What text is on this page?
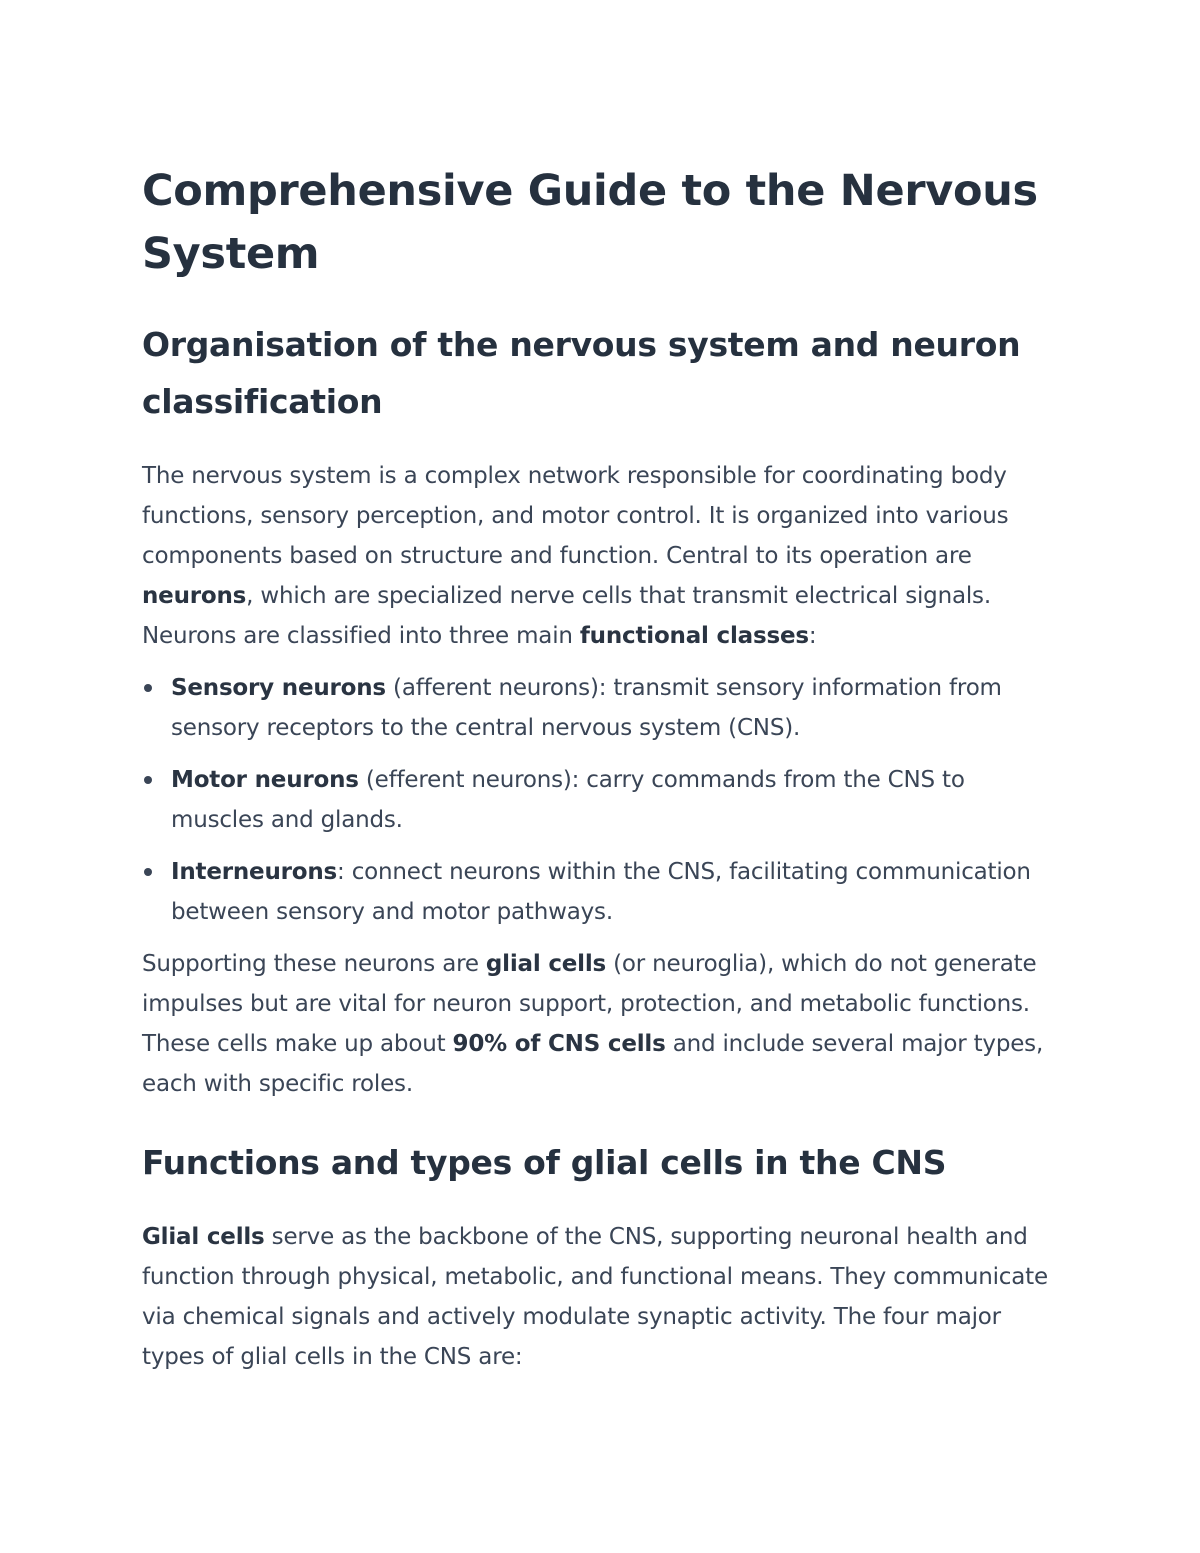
Comprehensive Guide to the Nervous System
Organisation of the nervous system and neuron classification

The nervous system is a complex network responsible for coordinating body functions, sensory perception, and motor control. It is organized into various components based on structure and function. Central to its operation are neurons, which are specialized nerve cells that transmit electrical signals. Neurons are classified into three main functional classes:

Sensory neurons (afferent neurons): transmit sensory information from sensory receptors to the central nervous system (CNS).
Motor neurons (efferent neurons): carry commands from the CNS to muscles and glands.
Interneurons: connect neurons within the CNS, facilitating communication between sensory and motor pathways.

Supporting these neurons are glial cells (or neuroglia), which do not generate impulses but are vital for neuron support, protection, and metabolic functions. These cells make up about 90% of CNS cells and include several major types, each with specific roles.

Functions and types of glial cells in the CNS

Glial cells serve as the backbone of the CNS, supporting neuronal health and function through physical, metabolic, and functional means. They communicate via chemical signals and actively modulate synaptic activity. The four major types of glial cells in the CNS are:
